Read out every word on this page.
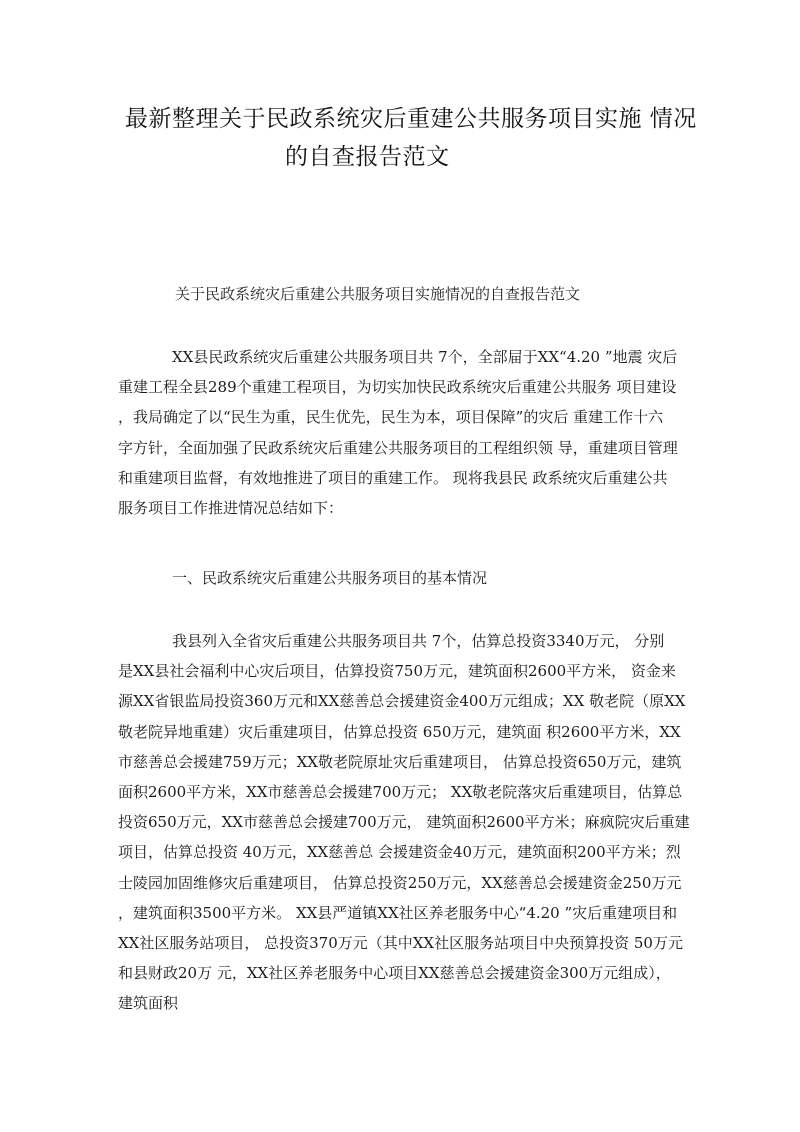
最新整理关于民政系统灾后重建公共服务项目实施 情况
的自查报告范文
关于民政系统灾后重建公共服务项目实施情况的自查报告范文
XX县民政系统灾后重建公共服务项目共 7个，全部屇于XX“4.20 ”地震 灾后
重建工程全县289个重建工程项目，为切实加快民政系统灾后重建公共服务 项目建设
，我局确定了以“民生为重，民生优先，民生为本，项目保障”的灾后 重建工作十六
字方针，全面加强了民政系统灾后重建公共服务项目的工程组织领 导，重建项目管理
和重建项目监督，有效地推进了项目的重建工作。 现将我县民 政系统灾后重建公共
服务项目工作推进情况总结如下：
一、民政系统灾后重建公共服务项目的基本情况
我县列入全省灾后重建公共服务项目共 7个，估算总投资3340万元， 分别
是XX县社会福利中心灾后项目，估算投资750万元，建筑面积2600平方米， 资金来
源XX省银监局投资360万元和XX慈善总会援建资金400万元组成；XX 敬老院（原XX
敬老院异地重建）灾后重建项目，估算总投资 650万元，建筑面 积2600平方米，XX
市慈善总会援建759万元；XX敬老院原址灾后重建项目， 估算总投资650万元，建筑
面积2600平方米，XX市慈善总会援建700万元； XX敬老院落灾后重建项目，估算总
投资650万元，XX市慈善总会援建700万元， 建筑面积2600平方米；麻疯院灾后重建
项目，估算总投资 40万元，XX慈善总 会援建资金40万元，建筑面积200平方米；烈
士陵园加固维修灾后重建项目， 估算总投资250万元，XX慈善总会援建资金250万元
，建筑面积3500平方米。 XX县严道镇XX社区养老服务中心“4.20 ”灾后重建项目和
XX社区服务站项目， 总投资370万元（其中XX社区服务站项目中央预算投资 50万元
和县财政20万 元，XX社区养老服务中心项目XX慈善总会援建资金300万元组成），
建筑面积
